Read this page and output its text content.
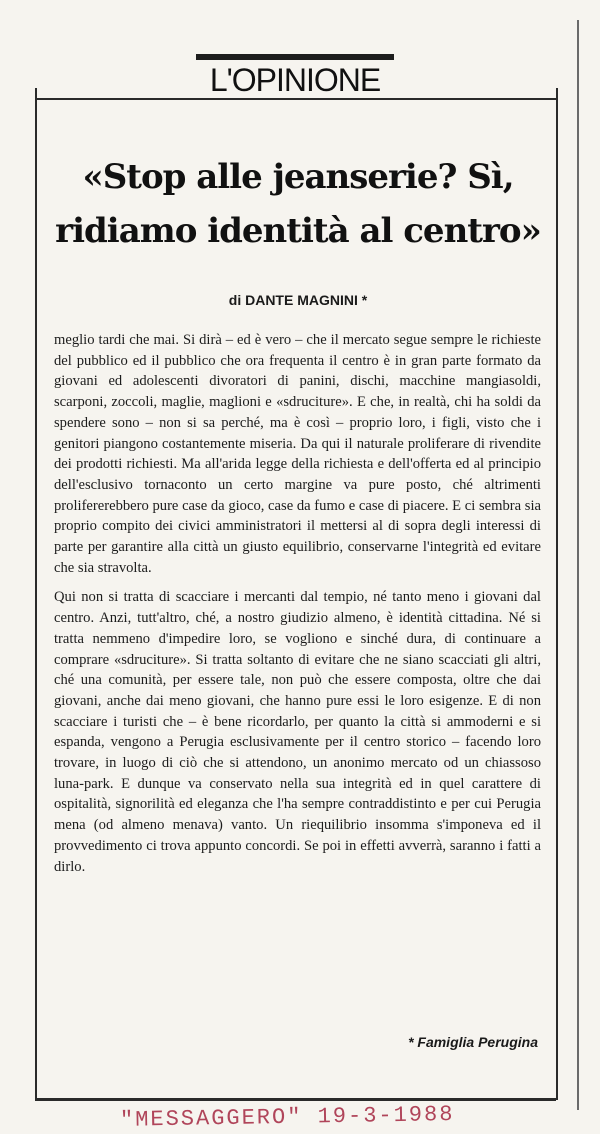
L'OPINIONE
«Stop alle jeanserie? Sì,
ridiamo identità al centro»
di DANTE MAGNINI *

meglio tardi che mai. Si dirà – ed è vero – che il mercato segue sempre le richieste del pubblico ed il pubblico che ora frequenta il centro è in gran parte formato da giovani ed adolescenti divoratori di panini, dischi, macchine mangiasoldi, scarponi, zoccoli, maglie, maglioni e «sdruciture». E che, in realtà, chi ha soldi da spendere sono – non si sa perché, ma è così – proprio loro, i figli, visto che i genitori piangono costantemente miseria. Da qui il naturale proliferare di rivendite dei prodotti richiesti. Ma all'arida legge della richiesta e dell'offerta ed al principio dell'esclusivo tornaconto un certo margine va pure posto, ché altrimenti prolifererebbero pure case da gioco, case da fumo e case di piacere. E ci sembra sia proprio compito dei civici amministratori il mettersi al di sopra degli interessi di parte per garantire alla città un giusto equilibrio, conservarne l'integrità ed evitare che sia stravolta.

Qui non si tratta di scacciare i mercanti dal tempio, né tanto meno i giovani dal centro. Anzi, tutt'altro, ché, a nostro giudizio almeno, è identità cittadina. Né si tratta nemmeno d'impedire loro, se vogliono e sinché dura, di continuare a comprare «sdruciture». Si tratta soltanto di evitare che ne siano scacciati gli altri, ché una comunità, per essere tale, non può che essere composta, oltre che dai giovani, anche dai meno giovani, che hanno pure essi le loro esigenze. E di non scacciare i turisti che – è bene ricordarlo, per quanto la città si ammoderni e si espanda, vengono a Perugia esclusivamente per il centro storico – facendo loro trovare, in luogo di ciò che si attendono, un anonimo mercato od un chiassoso luna-park. E dunque va conservato nella sua integrità ed in quel carattere di ospitalità, signorilità ed eleganza che l'ha sempre contraddistinto e per cui Perugia mena (od almeno menava) vanto. Un riequilibrio insomma s'imponeva ed il provvedimento ci trova appunto concordi. Se poi in effetti avverrà, saranno i fatti a dirlo.

* Famiglia Perugina
"MESSAGGERO" 19-3-1988
